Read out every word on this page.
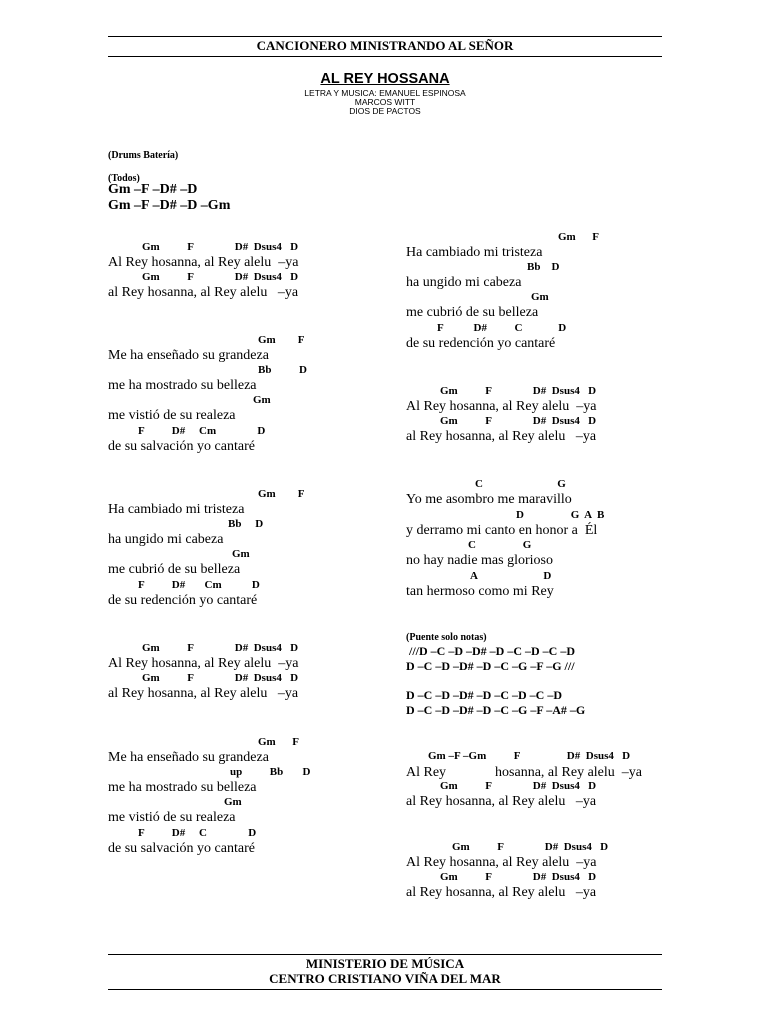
CANCIONERO MINISTRANDO AL SEÑOR
AL REY HOSSANA
LETRA Y MUSICA: EMANUEL ESPINOSA
MARCOS WITT
DIOS DE PACTOS

(Drums Batería)

(Todos)

Gm –F –D# –D

Gm –F –D# –D –Gm

Gm          F               D#  Dsus4   D

Al Rey hosanna, al Rey alelu  –ya

Gm          F               D#  Dsus4   D

al Rey hosanna, al Rey alelu   –ya

Gm        F

Me ha enseñado su grandeza

Bb          D

me ha mostrado su belleza

Gm

me vistió de su realeza

F          D#     Cm               D

de su salvación yo cantaré

Gm        F

Ha cambiado mi tristeza

Bb     D

ha ungido mi cabeza

Gm

me cubrió de su belleza

F          D#       Cm           D

de su redención yo cantaré

Gm          F               D#  Dsus4   D

Al Rey hosanna, al Rey alelu  –ya

Gm          F               D#  Dsus4   D

al Rey hosanna, al Rey alelu   –ya

Gm      F

Me ha enseñado su grandeza

up          Bb       D

me ha mostrado su belleza

Gm

me vistió de su realeza

F          D#     C               D

de su salvación yo cantaré

Gm      F

Ha cambiado mi tristeza

Bb    D

ha ungido mi cabeza

Gm

me cubrió de su belleza

F           D#          C             D

de su redención yo cantaré

Gm          F               D#  Dsus4   D

Al Rey hosanna, al Rey alelu  –ya

Gm          F               D#  Dsus4   D

al Rey hosanna, al Rey alelu   –ya

C                           G

Yo me asombro me maravillo

D                 G  A  B

y derramo mi canto en honor a  Él

C                 G

no hay nadie mas glorioso

A                        D

tan hermoso como mi Rey

(Puente solo notas)

///D –C –D –D# –D –C –D –C –D

D –C –D –D# –D –C –G –F –G ///

D –C –D –D# –D –C –D –C –D

D –C –D –D# –D –C –G –F –A# –G

Gm –F –Gm          F                 D#  Dsus4   D

Al Rey              hosanna, al Rey alelu  –ya

Gm          F               D#  Dsus4   D

al Rey hosanna, al Rey alelu   –ya

Gm          F               D#  Dsus4   D

Al Rey hosanna, al Rey alelu  –ya

Gm          F               D#  Dsus4   D

al Rey hosanna, al Rey alelu   –ya

MINISTERIO DE MÚSICA
CENTRO CRISTIANO VIÑA DEL MAR
